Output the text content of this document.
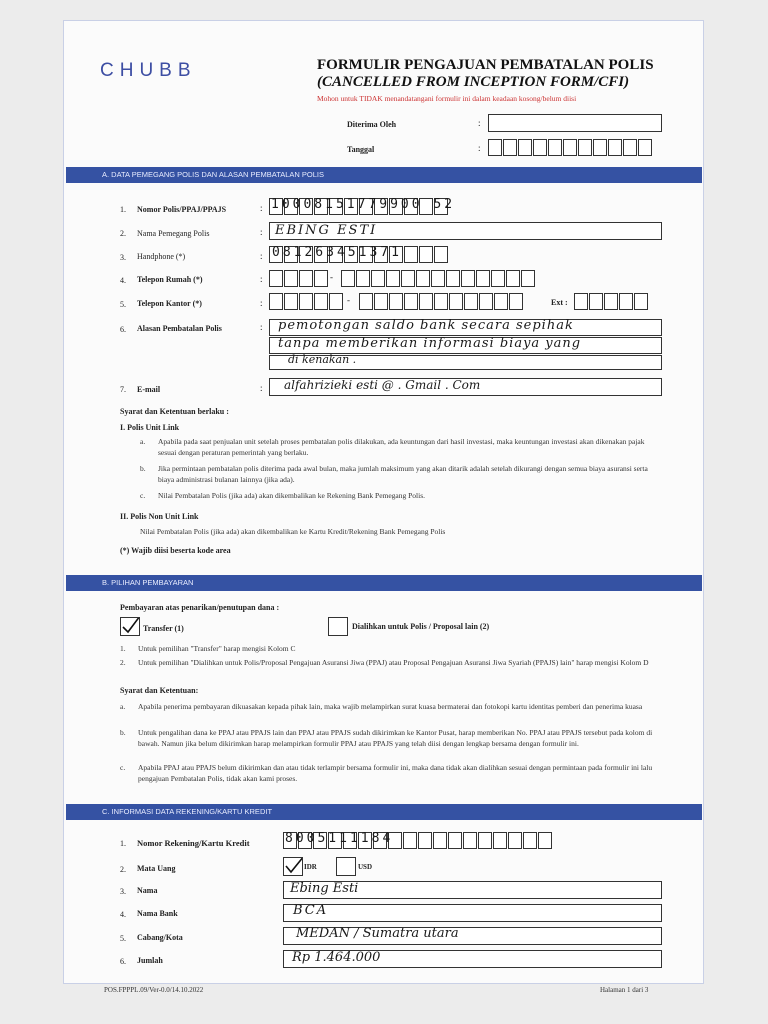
CHUBB	FORMULIR PENGAJUAN PEMBATALAN POLIS
(CANCELLED FROM INCEPTION FORM/CFI)
Mohon untuk TIDAK menandatangani formulir ini dalam keadaan kosong/belum diisi
Diterima Oleh	:
Tanggal	:
A. DATA PEMEGANG POLIS DAN ALASAN PEMBATALAN POLIS
1. Nomor Polis/PPAJ/PPAJS	: 10008151779900 52
2. Nama Pemegang Polis	: EBING ESTI
3. Handphone (*)	: 081263451371
4. Telepon Rumah (*)	:	-
5. Telepon Kantor (*)	:	-	Ext :
6. Alasan Pembatalan Polis	: pemotongan saldo bank secara sepihak
tanpa memberikan informasi biaya yang
di kenakan .
7. E-mail	: alfahrizieki esti @ . Gmail . Com
Syarat dan Ketentuan berlaku :
I. Polis Unit Link
a. Apabila pada saat penjualan unit setelah proses pembatalan polis dilakukan, ada keuntungan dari hasil investasi, maka keuntungan investasi akan dikenakan pajak sesuai dengan peraturan pemerintah yang berlaku.
b. Jika permintaan pembatalan polis diterima pada awal bulan, maka jumlah maksimum yang akan ditarik adalah setelah dikurangi dengan semua biaya asuransi serta biaya administrasi bulanan lainnya (jika ada).
c. Nilai Pembatalan Polis (jika ada) akan dikembalikan ke Rekening Bank Pemegang Polis.
II. Polis Non Unit Link
Nilai Pembatalan Polis (jika ada) akan dikembalikan ke Kartu Kredit/Rekening Bank Pemegang Polis
(*) Wajib diisi beserta kode area
B. PILIHAN PEMBAYARAN
Pembayaran atas penarikan/penutupan dana :
Transfer (1)	Dialihkan untuk Polis / Proposal lain (2)
1. Untuk pemilihan "Transfer" harap mengisi Kolom C
2. Untuk pemilihan "Dialihkan untuk Polis/Proposal Pengajuan Asuransi Jiwa (PPAJ) atau Proposal Pengajuan Asuransi Jiwa Syariah (PPAJS) lain" harap mengisi Kolom D
Syarat dan Ketentuan:
a. Apabila penerima pembayaran dikuasakan kepada pihak lain, maka wajib melampirkan surat kuasa bermaterai dan fotokopi kartu identitas pemberi dan penerima kuasa
b. Untuk pengalihan dana ke PPAJ atau PPAJS lain dan PPAJ atau PPAJS sudah dikirimkan ke Kantor Pusat, harap memberikan No. PPAJ atau PPAJS tersebut pada kolom di bawah. Namun jika belum dikirimkan harap melampirkan formulir PPAJ atau PPAJS yang telah diisi dengan lengkap bersama dengan formulir ini.
c. Apabila PPAJ atau PPAJS belum dikirimkan dan atau tidak terlampir bersama formulir ini, maka dana tidak akan dialihkan sesuai dengan permintaan pada formulir ini lalu pengajuan Pembatalan Polis, tidak akan kami proses.
C. INFORMASI DATA REKENING/KARTU KREDIT
1. Nomor Rekening/Kartu Kredit	8005111184
2. Mata Uang	IDR	USD
3. Nama	Ebing Esti
4. Nama Bank	BCA
5. Cabang/Kota	MEDAN / Sumatra utara
6. Jumlah	Rp 1.464.000
POS.FPPPL.09/Ver-0.0/14.10.2022	Halaman 1 dari 3
